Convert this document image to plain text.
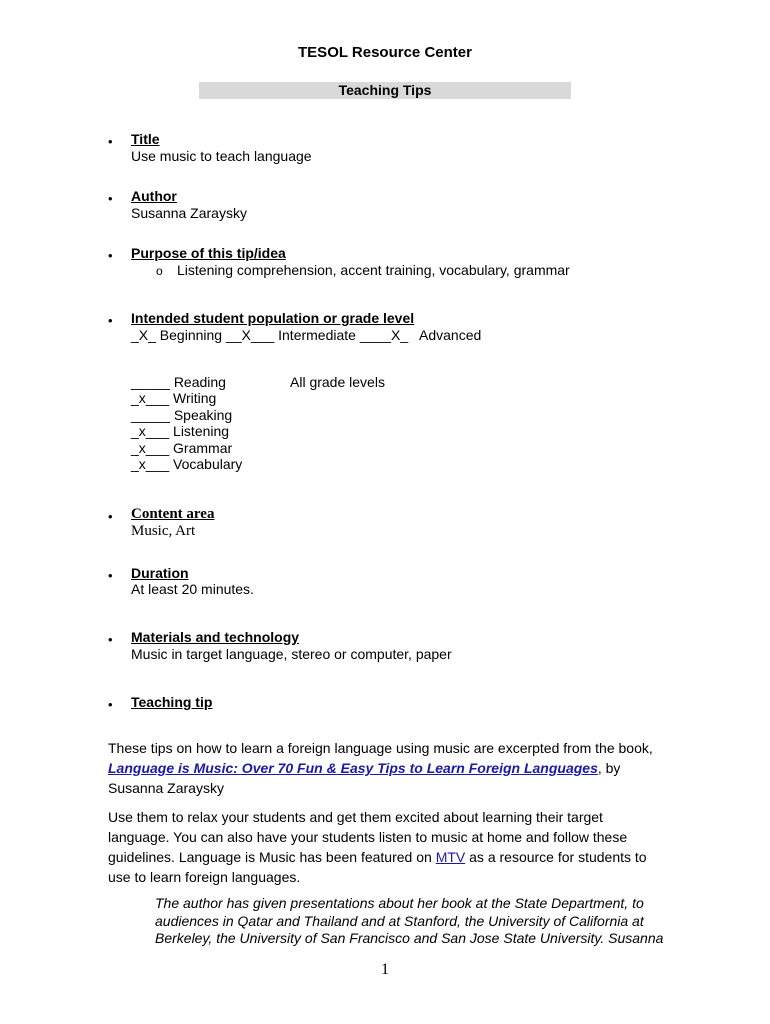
TESOL Resource Center
Teaching Tips
• Title
Use music to teach language
• Author
Susanna Zaraysky
• Purpose of this tip/idea
o Listening comprehension, accent training, vocabulary, grammar
• Intended student population or grade level
_X_ Beginning __X___ Intermediate ____X_   Advanced
_____ Reading	All grade levels
_x___ Writing
_____ Speaking
_x___ Listening
_x___ Grammar
_x___ Vocabulary
• Content area
Music, Art
• Duration
At least 20 minutes.
• Materials and technology
Music in target language, stereo or computer, paper
• Teaching tip

These tips on how to learn a foreign language using music are excerpted from the book, Language is Music: Over 70 Fun & Easy Tips to Learn Foreign Languages, by Susanna Zaraysky

Use them to relax your students and get them excited about learning their target language. You can also have your students listen to music at home and follow these guidelines. Language is Music has been featured on MTV as a resource for students to use to learn foreign languages.

The author has given presentations about her book at the State Department, to audiences in Qatar and Thailand and at Stanford, the University of California at Berkeley, the University of San Francisco and San Jose State University. Susanna
1
